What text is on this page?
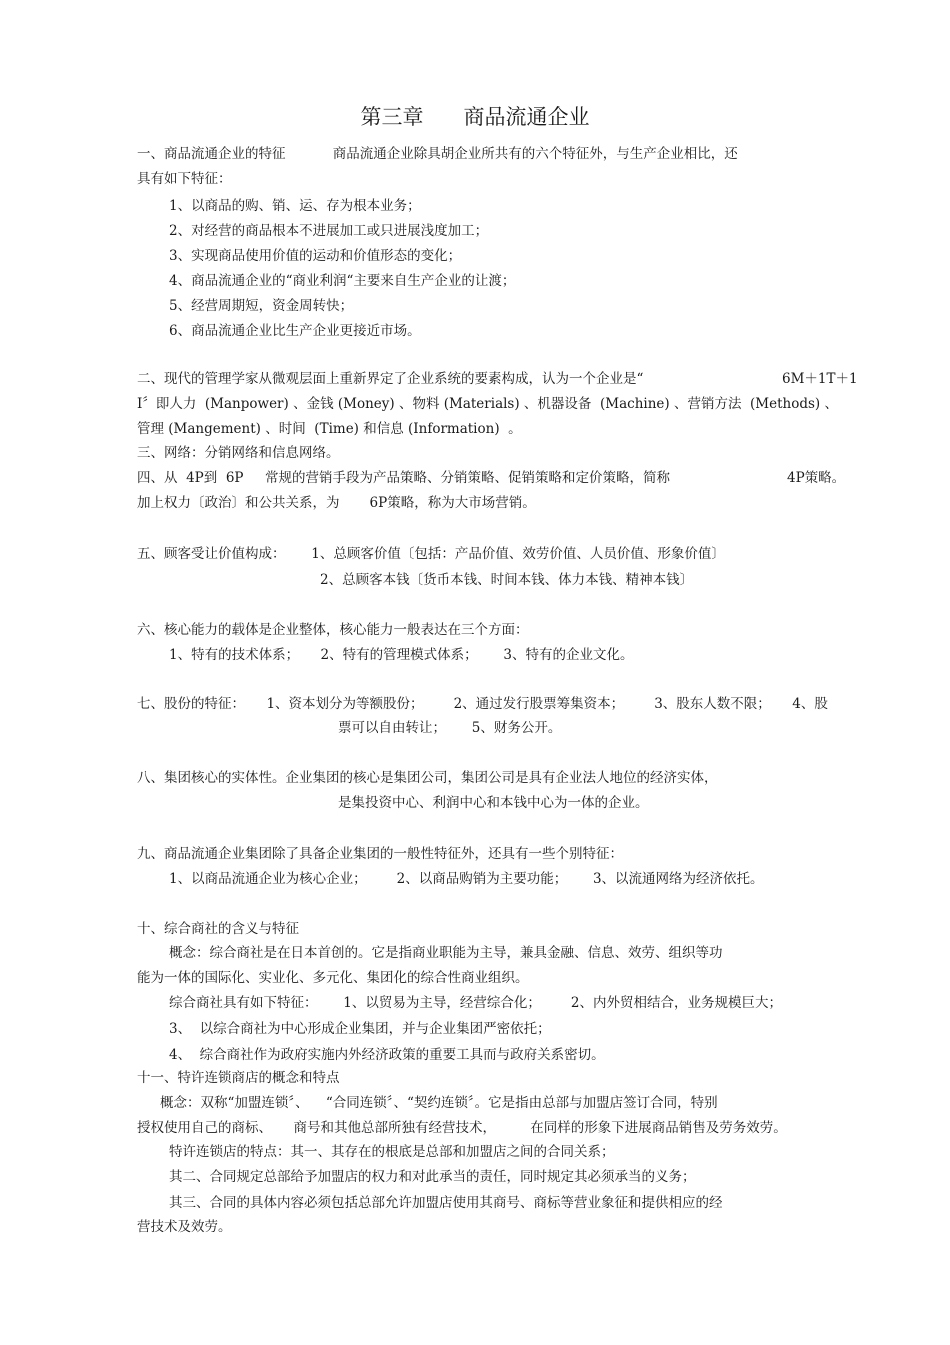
第三章      商品流通企业
一、商品流通企业的特征           商品流通企业除具胡企业所共有的六个特征外，与生产企业相比，还
具有如下特征：
1、以商品的购、销、运、存为根本业务；
2、对经营的商品根本不进展加工或只进展浅度加工；
3、实现商品使用价值的运动和价值形态的变化；
4、商品流通企业的“商业利润“主要来自生产企业的让渡；
5、经营周期短，资金周转快；
6、商品流通企业比生产企业更接近市场。
二、现代的管理学家从微观层面上重新界定了企业系统的要素构成，认为一个企业是“	6M＋1T＋1
I〞即人力  (Manpower) 、金钱 (Money) 、物料 (Materials) 、机器设备  (Machine) 、营销方法  (Methods) 、
管理 (Mangement) 、时间  (Time) 和信息 (Information)  。
三、网络：分销网络和信息网络。
四、从  4P到  6P     常规的营销手段为产品策略、分销策略、促销策略和定价策略，简称	4P策略。
加上权力〔政治〕和公共关系，为       6P策略，称为大市场营销。
五、顾客受让价值构成：      1、总顾客价值〔包括：产品价值、效劳价值、人员价值、形象价值〕
2、总顾客本钱〔货币本钱、时间本钱、体力本钱、精神本钱〕
六、核心能力的载体是企业整体，核心能力一般表达在三个方面：
1、特有的技术体系；     2、特有的管理模式体系；      3、特有的企业文化。
七、股份的特征：     1、资本划分为等额股份；       2、通过发行股票筹集资本；       3、股东人数不限；     4、股
票可以自由转让；      5、财务公开。
八、集团核心的实体性。企业集团的核心是集团公司，集团公司是具有企业法人地位的经济实体，
是集投资中心、利润中心和本钱中心为一体的企业。
九、商品流通企业集团除了具备企业集团的一般性特征外，还具有一些个别特征：
1、以商品流通企业为核心企业；       2、以商品购销为主要功能；      3、以流通网络为经济依托。
十、综合商社的含义与特征
概念：综合商社是在日本首创的。它是指商业职能为主导，兼具金融、信息、效劳、组织等功
能为一体的国际化、实业化、多元化、集团化的综合性商业组织。
综合商社具有如下特征：      1、以贸易为主导，经营综合化；       2、内外贸相结合，业务规模巨大；
3、  以综合商社为中心形成企业集团，并与企业集团严密依托；
4、  综合商社作为政府实施内外经济政策的重要工具而与政府关系密切。
十一、特许连锁商店的概念和特点
概念：双称“加盟连锁〞、    “合同连锁〞、“契约连锁〞。它是指由总部与加盟店签订合同，特别
授权使用自己的商标、     商号和其他总部所独有经营技术，        在同样的形象下进展商品销售及劳务效劳。
特许连锁店的特点：其一、其存在的根底是总部和加盟店之间的合同关系；
其二、合同规定总部给予加盟店的权力和对此承当的责任，同时规定其必须承当的义务；
其三、合同的具体内容必须包括总部允许加盟店使用其商号、商标等营业象征和提供相应的经
营技术及效劳。
